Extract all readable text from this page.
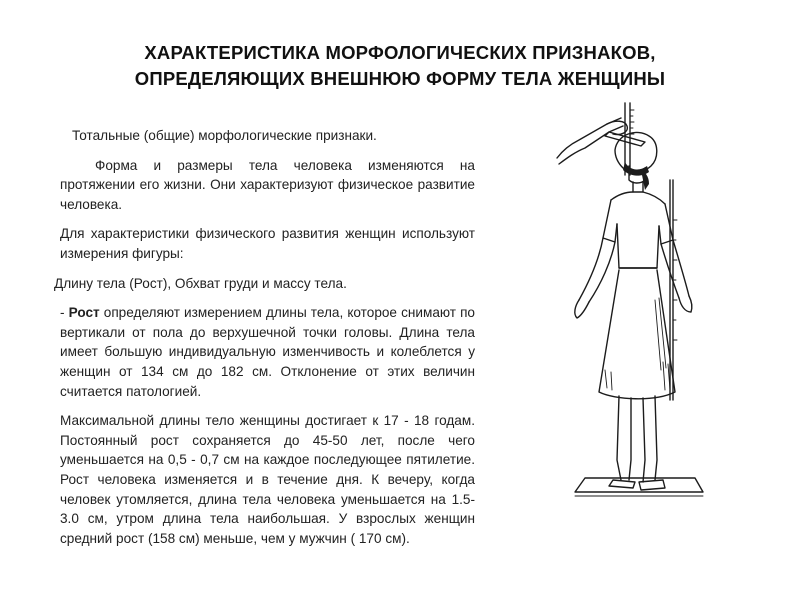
ХАРАКТЕРИСТИКА МОРФОЛОГИЧЕСКИХ ПРИЗНАКОВ,
ОПРЕДЕЛЯЮЩИХ ВНЕШНЮЮ ФОРМУ ТЕЛА ЖЕНЩИНЫ

Тотальные (общие) морфологические признаки.

Форма и размеры тела человека изменяются на протяжении его жизни. Они характеризуют физическое развитие человека.

Для характеристики физического развития женщин используют измерения фигуры:

Длину тела (Рост), Обхват груди и массу тела.

- Рост определяют измерением длины тела, которое снимают по вертикали от пола до верхушечной точки головы. Длина тела имеет большую индивидуальную изменчивость и колеблется у женщин от 134 см до 182 см. Отклонение от этих величин считается патологией.

Максимальной длины тело женщины достигает к 17 - 18 годам. Постоянный рост сохраняется до 45-50 лет, после чего уменьшается на 0,5 - 0,7 см на каждое последующее пятилетие. Рост человека изменяется и в течение дня. К вечеру, когда человек утомляется, длина тела человека уменьшается на 1.5-3.0 см, утром длина тела наибольшая. У взрослых женщин средний рост (158 см) меньше, чем у мужчин ( 170 см).
